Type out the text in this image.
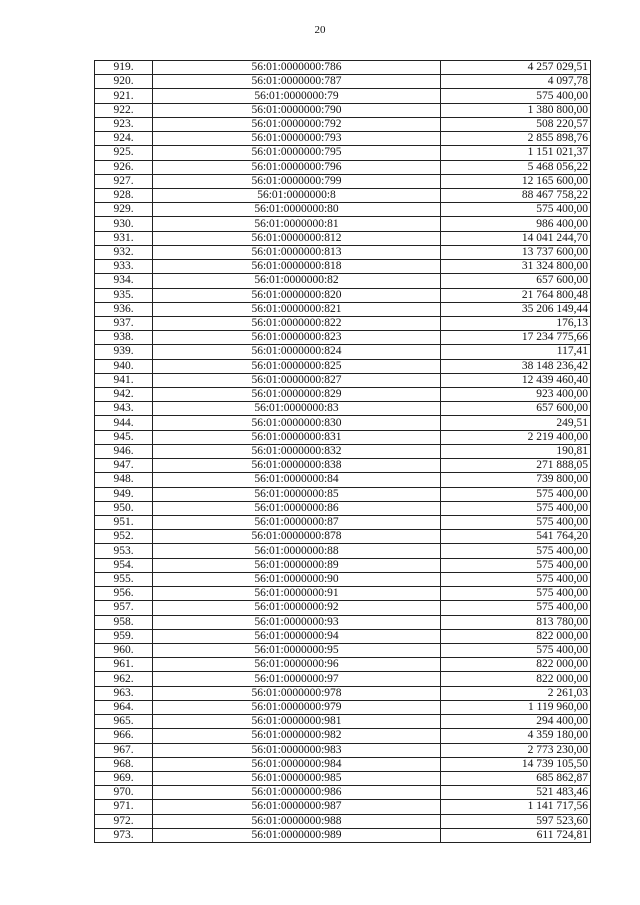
20
919.	56:01:0000000:786	4 257 029,51
920.	56:01:0000000:787	4 097,78
921.	56:01:0000000:79	575 400,00
922.	56:01:0000000:790	1 380 800,00
923.	56:01:0000000:792	508 220,57
924.	56:01:0000000:793	2 855 898,76
925.	56:01:0000000:795	1 151 021,37
926.	56:01:0000000:796	5 468 056,22
927.	56:01:0000000:799	12 165 600,00
928.	56:01:0000000:8	88 467 758,22
929.	56:01:0000000:80	575 400,00
930.	56:01:0000000:81	986 400,00
931.	56:01:0000000:812	14 041 244,70
932.	56:01:0000000:813	13 737 600,00
933.	56:01:0000000:818	31 324 800,00
934.	56:01:0000000:82	657 600,00
935.	56:01:0000000:820	21 764 800,48
936.	56:01:0000000:821	35 206 149,44
937.	56:01:0000000:822	176,13
938.	56:01:0000000:823	17 234 775,66
939.	56:01:0000000:824	117,41
940.	56:01:0000000:825	38 148 236,42
941.	56:01:0000000:827	12 439 460,40
942.	56:01:0000000:829	923 400,00
943.	56:01:0000000:83	657 600,00
944.	56:01:0000000:830	249,51
945.	56:01:0000000:831	2 219 400,00
946.	56:01:0000000:832	190,81
947.	56:01:0000000:838	271 888,05
948.	56:01:0000000:84	739 800,00
949.	56:01:0000000:85	575 400,00
950.	56:01:0000000:86	575 400,00
951.	56:01:0000000:87	575 400,00
952.	56:01:0000000:878	541 764,20
953.	56:01:0000000:88	575 400,00
954.	56:01:0000000:89	575 400,00
955.	56:01:0000000:90	575 400,00
956.	56:01:0000000:91	575 400,00
957.	56:01:0000000:92	575 400,00
958.	56:01:0000000:93	813 780,00
959.	56:01:0000000:94	822 000,00
960.	56:01:0000000:95	575 400,00
961.	56:01:0000000:96	822 000,00
962.	56:01:0000000:97	822 000,00
963.	56:01:0000000:978	2 261,03
964.	56:01:0000000:979	1 119 960,00
965.	56:01:0000000:981	294 400,00
966.	56:01:0000000:982	4 359 180,00
967.	56:01:0000000:983	2 773 230,00
968.	56:01:0000000:984	14 739 105,50
969.	56:01:0000000:985	685 862,87
970.	56:01:0000000:986	521 483,46
971.	56:01:0000000:987	1 141 717,56
972.	56:01:0000000:988	597 523,60
973.	56:01:0000000:989	611 724,81
